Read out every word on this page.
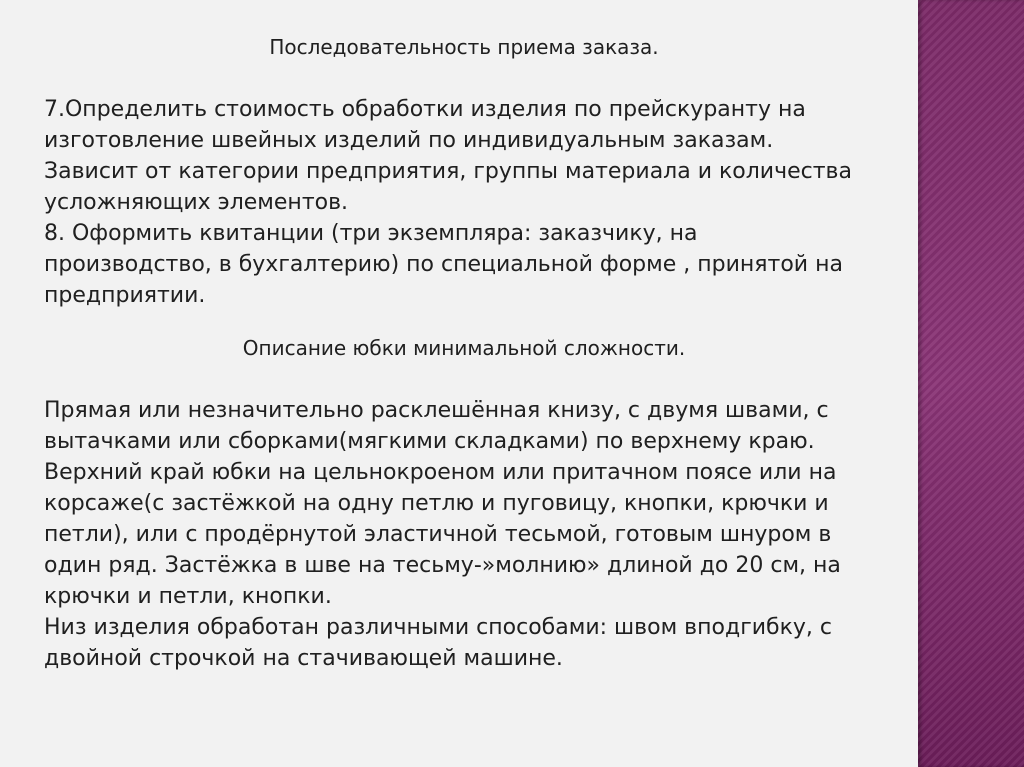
Последовательность приема заказа.
7.Определить стоимость обработки изделия по прейскуранту на
изготовление швейных изделий по индивидуальным заказам.
Зависит от категории предприятия, группы материала и количества
усложняющих элементов.
8. Оформить квитанции (три экземпляра: заказчику, на
производство, в бухгалтерию) по специальной форме , принятой на
предприятии.
Описание юбки минимальной сложности.
Прямая или незначительно расклешённая книзу, с двумя швами, с
вытачками или сборками(мягкими складками) по верхнему краю.
Верхний край юбки на цельнокроеном или притачном поясе или на
корсаже(с застёжкой на одну петлю и пуговицу, кнопки, крючки и
петли), или с продёрнутой эластичной тесьмой, готовым шнуром в
один ряд. Застёжка в шве на тесьму-»молнию» длиной до 20 см, на
крючки и петли, кнопки.
Низ изделия обработан различными способами: швом вподгибку, с
двойной строчкой на стачивающей машине.
